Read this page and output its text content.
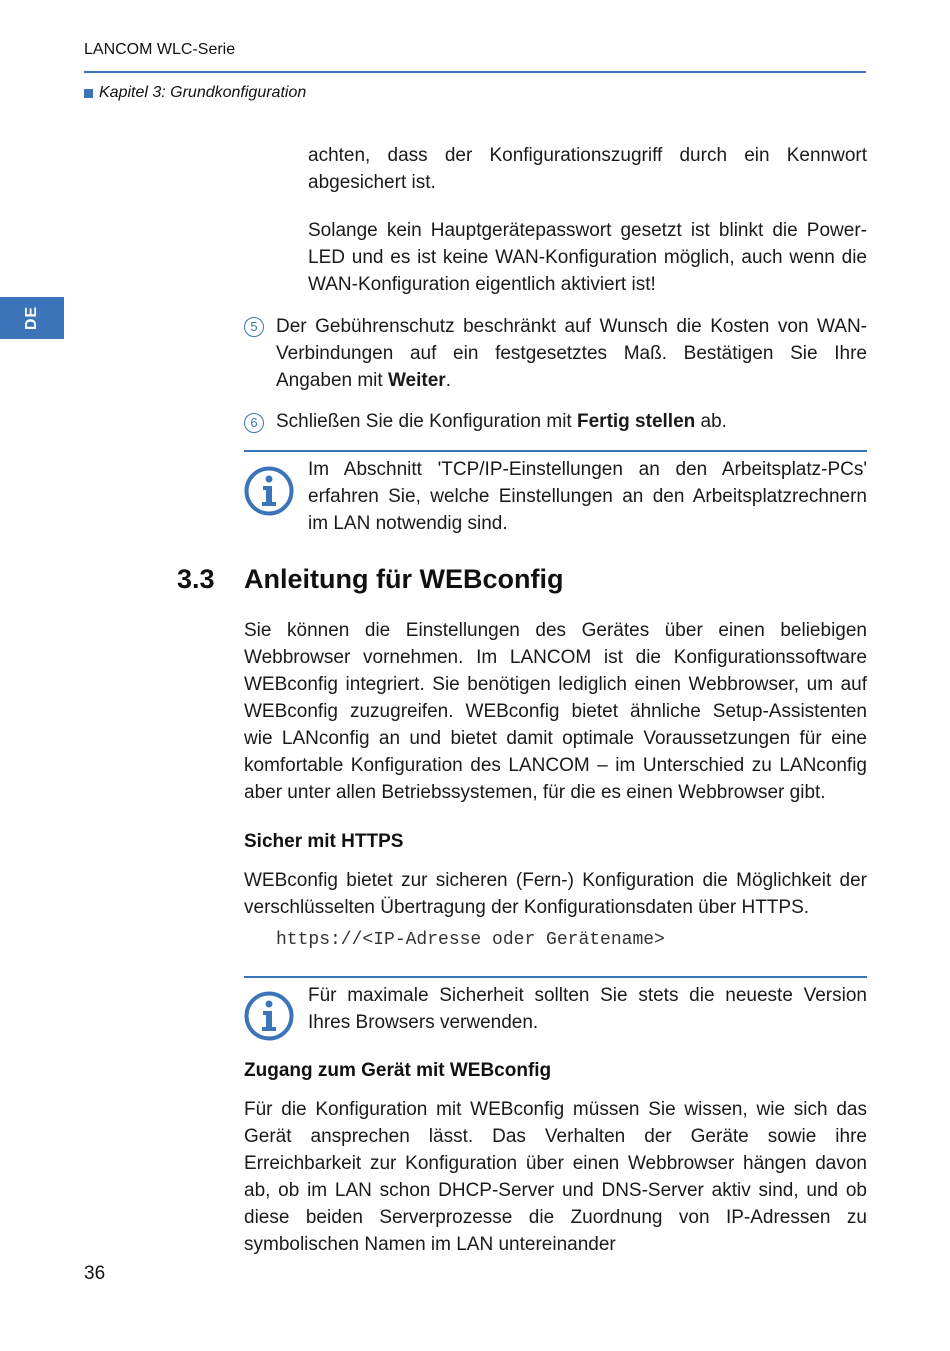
LANCOM WLC-Serie
Kapitel 3: Grundkonfiguration
DE
achten, dass der Konfigurationszugriff durch ein Kennwort abgesichert ist.
Solange kein Hauptgerätepasswort gesetzt ist blinkt die Power-LED und es ist keine WAN-Konfiguration möglich, auch wenn die WAN-Konfiguration eigentlich aktiviert ist!
5 Der Gebührenschutz beschränkt auf Wunsch die Kosten von WAN-Verbindungen auf ein festgesetztes Maß. Bestätigen Sie Ihre Angaben mit Weiter.
6 Schließen Sie die Konfiguration mit Fertig stellen ab.
Im Abschnitt 'TCP/IP-Einstellungen an den Arbeitsplatz-PCs' erfahren Sie, welche Einstellungen an den Arbeitsplatzrechnern im LAN notwendig sind.
3.3 Anleitung für WEBconfig
Sie können die Einstellungen des Gerätes über einen beliebigen Webbrowser vornehmen. Im LANCOM ist die Konfigurationssoftware WEBconfig integriert. Sie benötigen lediglich einen Webbrowser, um auf WEBconfig zuzugreifen. WEBconfig bietet ähnliche Setup-Assistenten wie LANconfig an und bietet damit optimale Voraussetzungen für eine komfortable Konfiguration des LANCOM – im Unterschied zu LANconfig aber unter allen Betriebssystemen, für die es einen Webbrowser gibt.
Sicher mit HTTPS
WEBconfig bietet zur sicheren (Fern-) Konfiguration die Möglichkeit der verschlüsselten Übertragung der Konfigurationsdaten über HTTPS.
https://<IP-Adresse oder Gerätename>
Für maximale Sicherheit sollten Sie stets die neueste Version Ihres Browsers verwenden.
Zugang zum Gerät mit WEBconfig
Für die Konfiguration mit WEBconfig müssen Sie wissen, wie sich das Gerät ansprechen lässt. Das Verhalten der Geräte sowie ihre Erreichbarkeit zur Konfiguration über einen Webbrowser hängen davon ab, ob im LAN schon DHCP-Server und DNS-Server aktiv sind, und ob diese beiden Serverprozesse die Zuordnung von IP-Adressen zu symbolischen Namen im LAN untereinander
36
